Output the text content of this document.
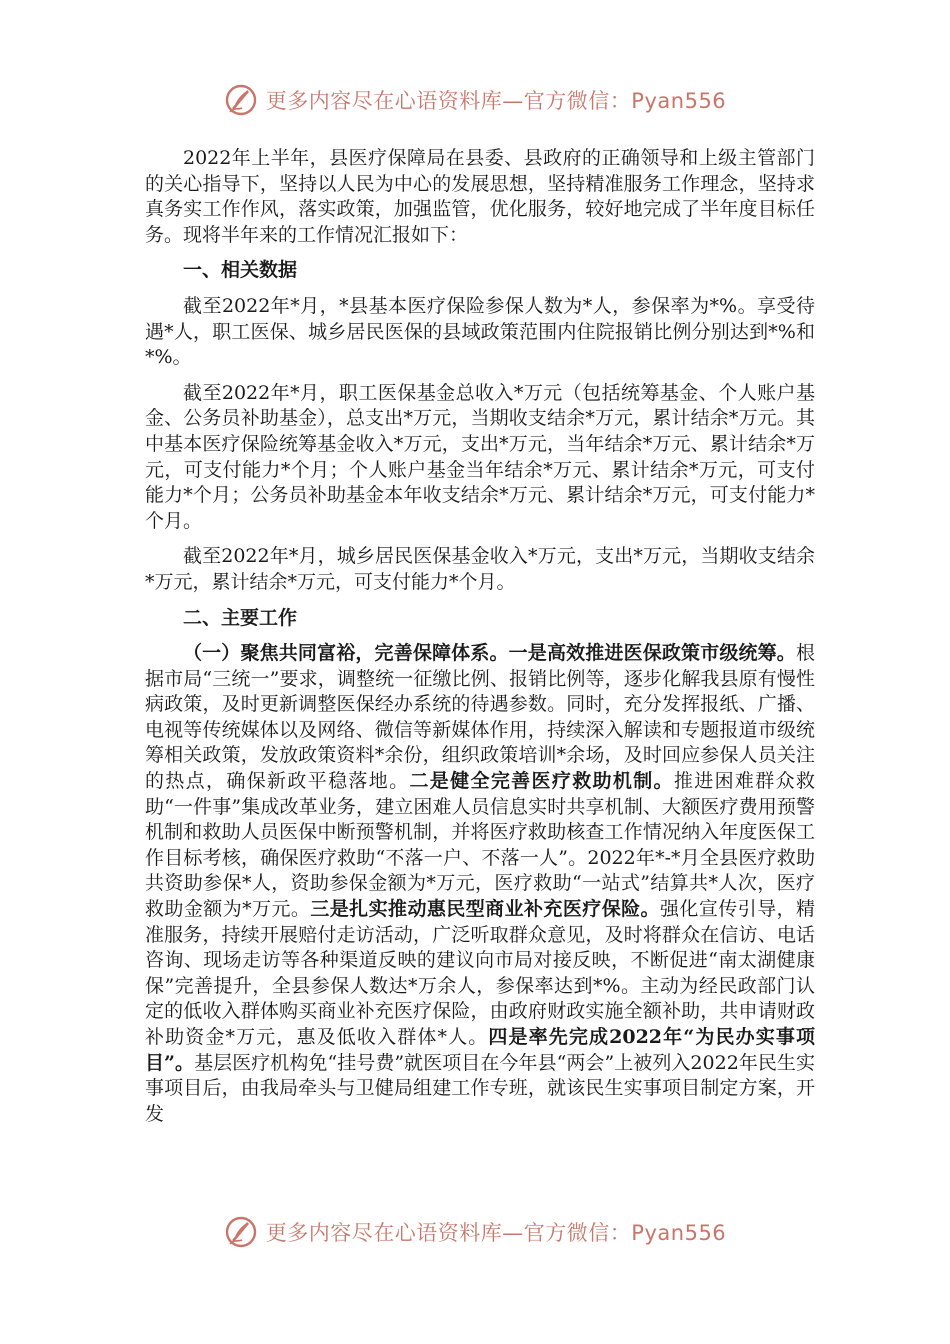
更多内容尽在心语资料库—官方微信：Pyan556

2022年上半年，县医疗保障局在县委、县政府的正确领导和上级主管部门的关心指导下，坚持以人民为中心的发展思想，坚持精准服务工作理念，坚持求真务实工作作风，落实政策，加强监管，优化服务，较好地完成了半年度目标任务。现将半年来的工作情况汇报如下：

一、相关数据

截至2022年*月，*县基本医疗保险参保人数为*人，参保率为*%。享受待遇*人，职工医保、城乡居民医保的县域政策范围内住院报销比例分别达到*%和*%。

截至2022年*月，职工医保基金总收入*万元（包括统筹基金、个人账户基金、公务员补助基金），总支出*万元，当期收支结余*万元，累计结余*万元。其中基本医疗保险统筹基金收入*万元，支出*万元，当年结余*万元、累计结余*万元，可支付能力*个月；个人账户基金当年结余*万元、累计结余*万元，可支付能力*个月；公务员补助基金本年收支结余*万元、累计结余*万元，可支付能力*个月。

截至2022年*月，城乡居民医保基金收入*万元，支出*万元，当期收支结余*万元，累计结余*万元，可支付能力*个月。

二、主要工作

（一）聚焦共同富裕，完善保障体系。一是高效推进医保政策市级统筹。根据市局“三统一”要求，调整统一征缴比例、报销比例等，逐步化解我县原有慢性病政策，及时更新调整医保经办系统的待遇参数。同时，充分发挥报纸、广播、电视等传统媒体以及网络、微信等新媒体作用，持续深入解读和专题报道市级统筹相关政策，发放政策资料*余份，组织政策培训*余场，及时回应参保人员关注的热点，确保新政平稳落地。二是健全完善医疗救助机制。推进困难群众救助“一件事”集成改革业务，建立困难人员信息实时共享机制、大额医疗费用预警机制和救助人员医保中断预警机制，并将医疗救助核查工作情况纳入年度医保工作目标考核，确保医疗救助“不落一户、不落一人”。2022年*-*月全县医疗救助共资助参保*人，资助参保金额为*万元，医疗救助“一站式”结算共*人次，医疗救助金额为*万元。三是扎实推动惠民型商业补充医疗保险。强化宣传引导，精准服务，持续开展赔付走访活动，广泛听取群众意见，及时将群众在信访、电话咨询、现场走访等各种渠道反映的建议向市局对接反映，不断促进“南太湖健康保”完善提升，全县参保人数达*万余人，参保率达到*%。主动为经民政部门认定的低收入群体购买商业补充医疗保险，由政府财政实施全额补助，共申请财政补助资金*万元，惠及低收入群体*人。四是率先完成2022年“为民办实事项目”。基层医疗机构免“挂号费”就医项目在今年县“两会”上被列入2022年民生实事项目后，由我局牵头与卫健局组建工作专班，就该民生实事项目制定方案，开发

更多内容尽在心语资料库—官方微信：Pyan556
